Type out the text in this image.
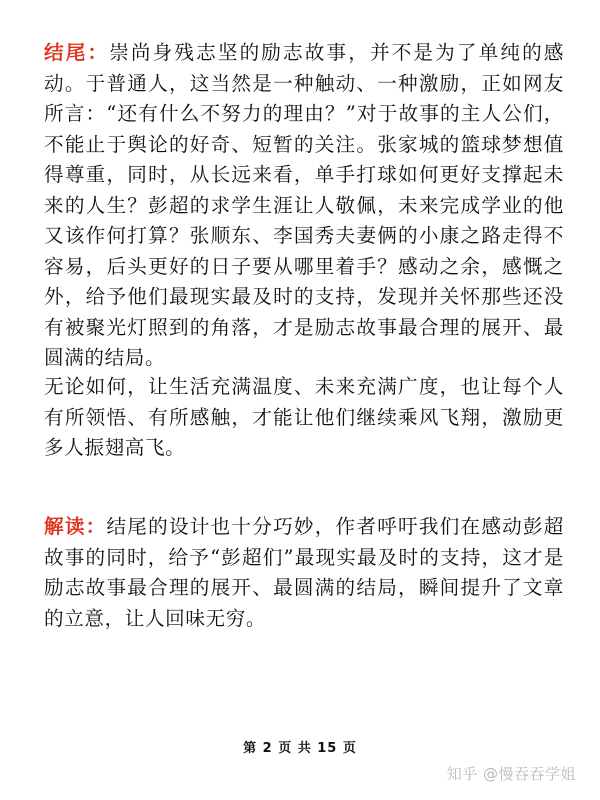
结尾：崇尚身残志坚的励志故事，并不是为了单纯的感动。于普通人，这当然是一种触动、一种激励，正如网友所言：“还有什么不努力的理由？”对于故事的主人公们，不能止于舆论的好奇、短暂的关注。张家城的篮球梦想值得尊重，同时，从长远来看，单手打球如何更好支撑起未来的人生？彭超的求学生涯让人敬佩，未来完成学业的他又该作何打算？张顺东、李国秀夫妻俩的小康之路走得不容易，后头更好的日子要从哪里着手？感动之余，感慨之外，给予他们最现实最及时的支持，发现并关怀那些还没有被聚光灯照到的角落，才是励志故事最合理的展开、最圆满的结局。

无论如何，让生活充满温度、未来充满广度，也让每个人有所领悟、有所感触，才能让他们继续乘风飞翔，激励更多人振翅高飞。

解读：结尾的设计也十分巧妙，作者呼吁我们在感动彭超故事的同时，给予“彭超们”最现实最及时的支持，这才是励志故事最合理的展开、最圆满的结局，瞬间提升了文章的立意，让人回味无穷。

第 2 页 共 15 页
知乎 @慢吞吞学姐
